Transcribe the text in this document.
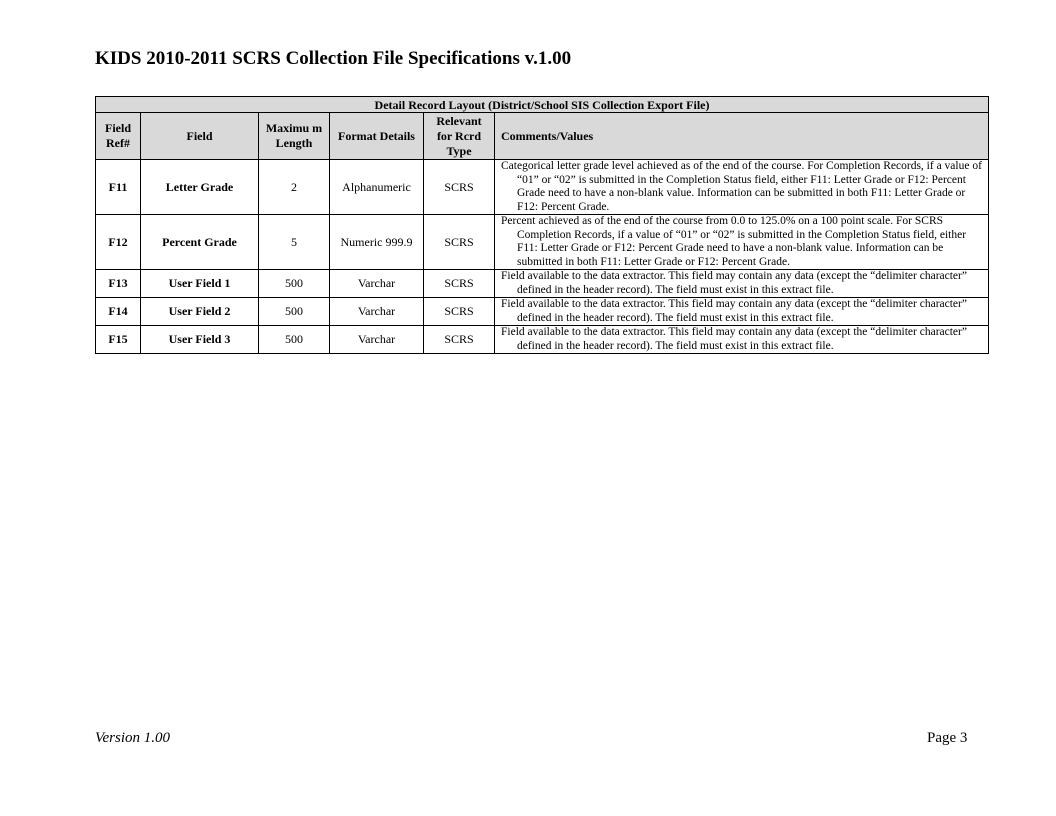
KIDS 2010-2011 SCRS Collection File Specifications v.1.00
Detail Record Layout (District/School SIS Collection Export File)					
Field Ref#	Field	Maximu m Length	Format Details	Relevant for Rcrd Type	Comments/Values
F11	Letter Grade	2	Alphanumeric	SCRS	Categorical letter grade level achieved as of the end of the course. For Completion Records, if a value of “01” or “02” is submitted in the Completion Status field, either F11: Letter Grade or F12: Percent Grade need to have a non-blank value. Information can be submitted in both F11: Letter Grade or F12: Percent Grade.

F12	Percent Grade	5	Numeric 999.9	SCRS	Percent achieved as of the end of the course from 0.0 to 125.0% on a 100 point scale. For SCRS Completion Records, if a value of “01” or “02” is submitted in the Completion Status field, either F11: Letter Grade or F12: Percent Grade need to have a non-blank value. Information can be submitted in both F11: Letter Grade or F12: Percent Grade.

F13	User Field 1	500	Varchar	SCRS	Field available to the data extractor. This field may contain any data (except the “delimiter character” defined in the header record). The field must exist in this extract file.

F14	User Field 2	500	Varchar	SCRS	Field available to the data extractor. This field may contain any data (except the “delimiter character” defined in the header record). The field must exist in this extract file.

F15	User Field 3	500	Varchar	SCRS	Field available to the data extractor. This field may contain any data (except the “delimiter character” defined in the header record). The field must exist in this extract file.
Version 1.00	Page 3
